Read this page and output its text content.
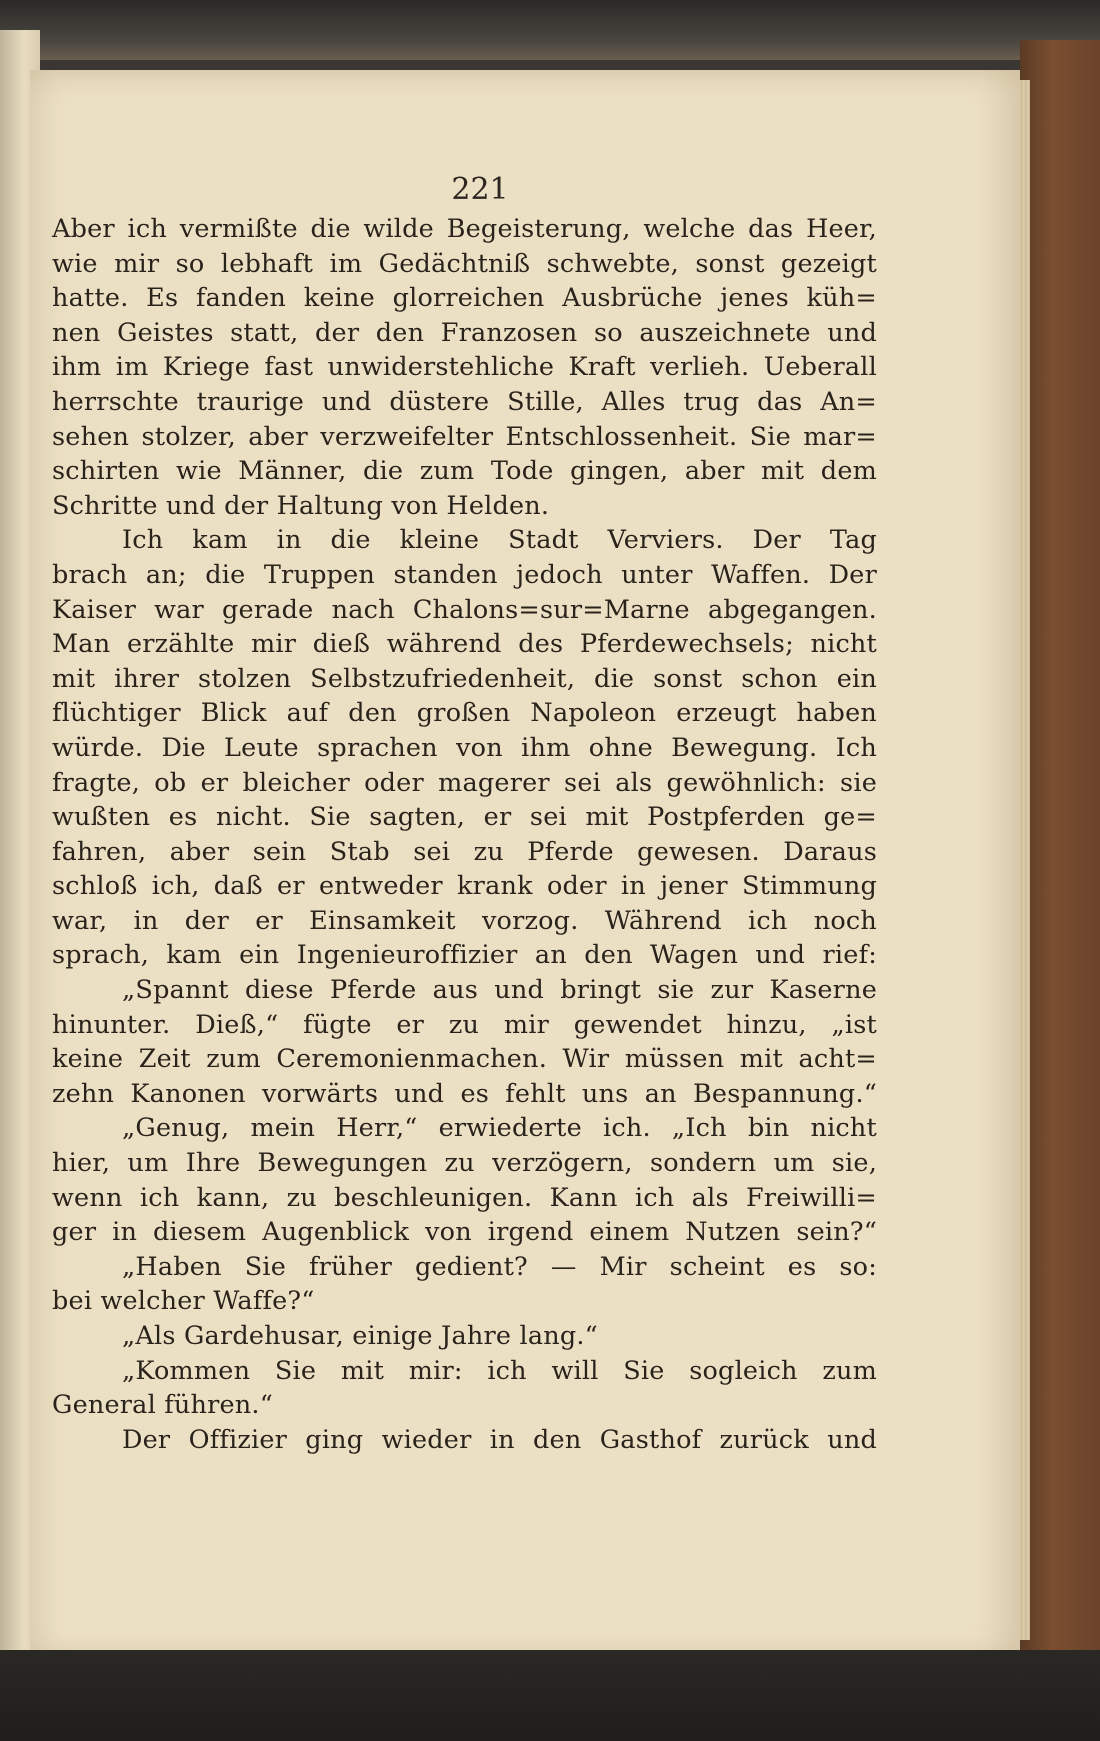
221
Aber ich vermißte die wilde Begeisterung, welche das Heer,
wie mir so lebhaft im Gedächtniß schwebte, sonst gezeigt
hatte. Es fanden keine glorreichen Ausbrüche jenes küh=
nen Geistes statt, der den Franzosen so auszeichnete und
ihm im Kriege fast unwiderstehliche Kraft verlieh. Ueberall
herrschte traurige und düstere Stille, Alles trug das An=
sehen stolzer, aber verzweifelter Entschlossenheit. Sie mar=
schirten wie Männer, die zum Tode gingen, aber mit dem
Schritte und der Haltung von Helden.
Ich kam in die kleine Stadt Verviers. Der Tag
brach an; die Truppen standen jedoch unter Waffen. Der
Kaiser war gerade nach Chalons=sur=Marne abgegangen.
Man erzählte mir dieß während des Pferdewechsels; nicht
mit ihrer stolzen Selbstzufriedenheit, die sonst schon ein
flüchtiger Blick auf den großen Napoleon erzeugt haben
würde. Die Leute sprachen von ihm ohne Bewegung. Ich
fragte, ob er bleicher oder magerer sei als gewöhnlich: sie
wußten es nicht. Sie sagten, er sei mit Postpferden ge=
fahren, aber sein Stab sei zu Pferde gewesen. Daraus
schloß ich, daß er entweder krank oder in jener Stimmung
war, in der er Einsamkeit vorzog. Während ich noch
sprach, kam ein Ingenieuroffizier an den Wagen und rief:
„Spannt diese Pferde aus und bringt sie zur Kaserne
hinunter. Dieß,“ fügte er zu mir gewendet hinzu, „ist
keine Zeit zum Ceremonienmachen. Wir müssen mit acht=
zehn Kanonen vorwärts und es fehlt uns an Bespannung.“
„Genug, mein Herr,“ erwiederte ich. „Ich bin nicht
hier, um Ihre Bewegungen zu verzögern, sondern um sie,
wenn ich kann, zu beschleunigen. Kann ich als Freiwilli=
ger in diesem Augenblick von irgend einem Nutzen sein?“
„Haben Sie früher gedient? — Mir scheint es so:
bei welcher Waffe?“
„Als Gardehusar, einige Jahre lang.“
„Kommen Sie mit mir: ich will Sie sogleich zum
General führen.“
Der Offizier ging wieder in den Gasthof zurück und
